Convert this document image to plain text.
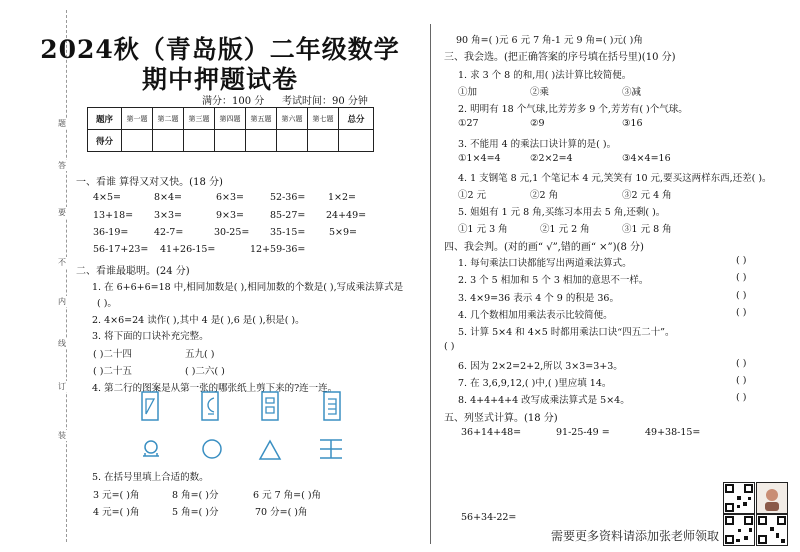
题
答
要
不
内
线
订
装
2024秋（青岛版）二年级数学
期中押题试卷
满分：100 分 考试时间：90 分钟
题序	第一题	第二题	第三题	第四题	第五题	第六题	第七题	总分
得分								
一、看谁 算得又对又快。(18 分)
4×5=	8×4=	6×3=	52-36= 1×2=
13+18= 3×3=	9×3=	85-27= 24+49=
36-19=	42-7=	30-25= 35-15= 5×9=
56-17+23= 41+26-15=	12+59-36=
二、看谁最聪明。(24 分)
1. 在 6+6+6=18 中,相同加数是( ),相同加数的个数是( ),写成乘法算式是
( )。
2. 4×6=24 读作( ),其中 4 是( ),6 是( ),积是( )。
3. 将下面的口诀补充完整。
( )二十四	五九( )
( )二十五	( )二六( )
4. 第二行的图案是从第一张的哪张纸上剪下来的?连一连。
5. 在括号里填上合适的数。
3 元=( )角	8 角=( )分	6 元 7 角=( )角
4 元=( )角	5 角=( )分	70 分=( )角
90 角=( )元 6 元 7 角-1 元 9 角=( )元( )角
三、我会选。(把正确答案的序号填在括号里)(10 分)
1. 求 3 个 8 的和,用( )法计算比较简便。
①加	②乘	③减
2. 明明有 18 个气球,比芳芳多 9 个,芳芳有( )个气球。
①27	②9	③16
3. 不能用 4 的乘法口诀计算的是( )。
①1×4=4	②2×2=4	③4×4=16
4. 1 支钢笔 8 元,1 个笔记本 4 元,笑笑有 10 元,要买这两样东西,还差( )。
①2 元	②2 角	③2 元 4 角
5. 姐姐有 1 元 8 角,买练习本用去 5 角,还剩( )。
①1 元 3 角	②1 元 2 角	③1 元 8 角
四、我会判。(对的画“ √”,错的画“ ×”)(8 分)
1. 每句乘法口诀都能写出两道乘法算式。	( )
2. 3 个 5 相加和 5 个 3 相加的意思不一样。	( )
3. 4×9=36 表示 4 个 9 的积是 36。	( )
4. 几个数相加用乘法表示比较简便。	( )
5. 计算 5×4 和 4×5 时都用乘法口诀“四五二十”。
( )
6. 因为 2×2=2+2,所以 3×3=3+3。	( )
7. 在 3,6,9,12,( )中,( )里应填 14。	( )
8. 4+4+4+4 改写成乘法算式是 5×4。	( )
五、列竖式计算。(18 分)
36+14+48=	91-25-49 =	49+38-15=
56+34-22=
需要更多资料请添加张老师领取
